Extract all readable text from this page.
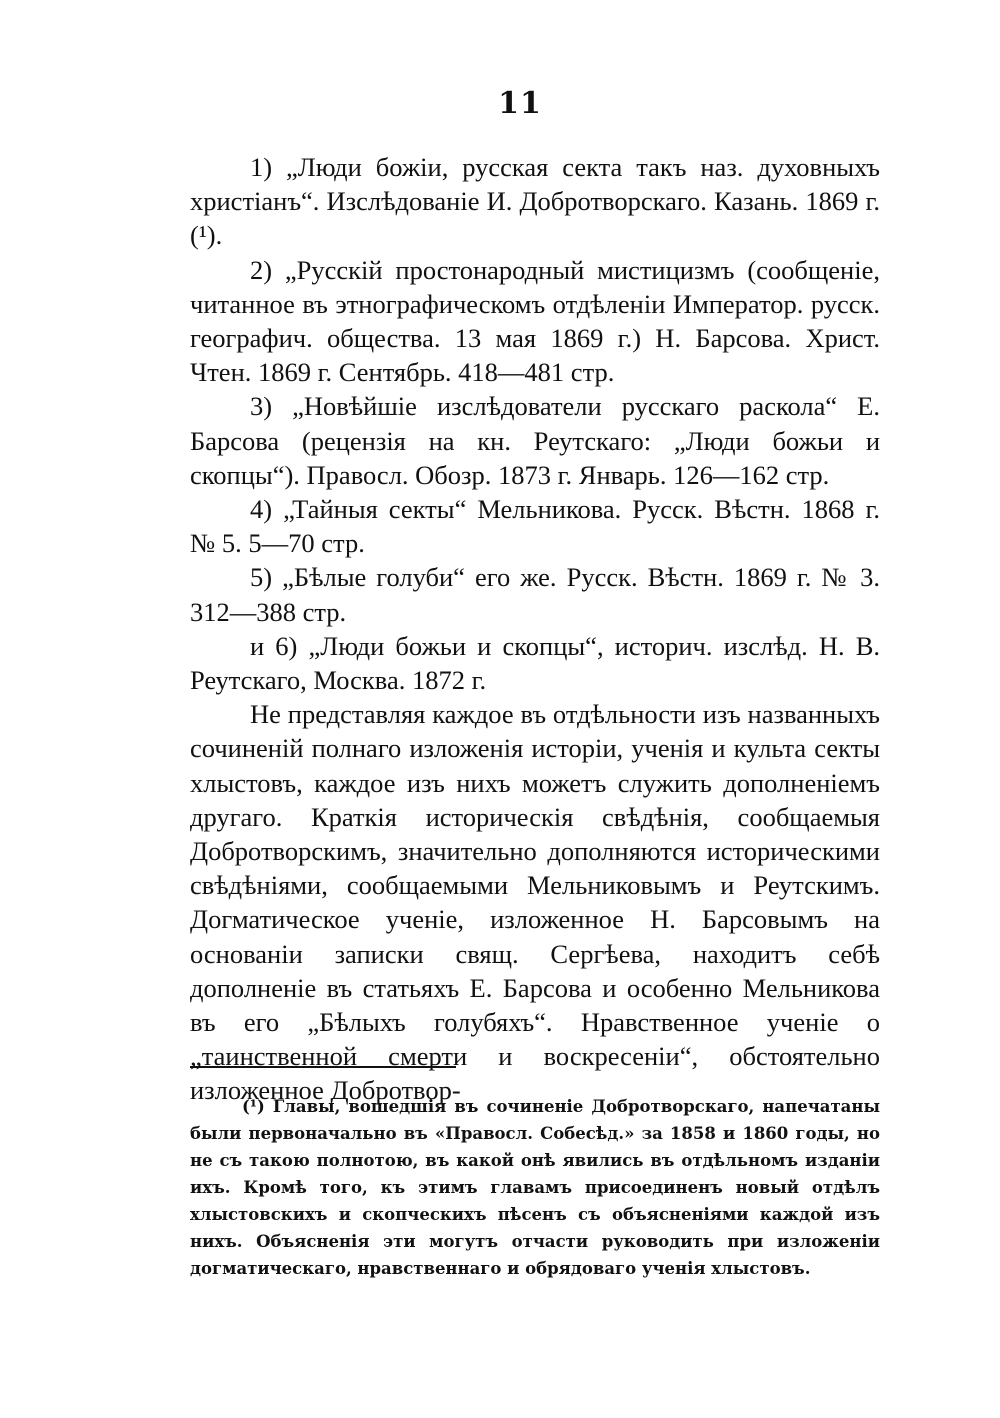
11

1) „Люди божіи, русская секта такъ наз. духовныхъ христіанъ“. Изслѣдованіе И. Добротворскаго. Казань. 1869 г. (¹).

2) „Русскій простонародный мистицизмъ (сообщеніе, читанное въ этнографическомъ отдѣленіи Император. русск. географич. общества. 13 мая 1869 г.) Н. Барсова. Христ. Чтен. 1869 г. Сентябрь. 418—481 стр.

3) „Новѣйшіе изслѣдователи русскаго раскола“ Е. Барсова (рецензія на кн. Реутскаго: „Люди божьи и скопцы“). Правосл. Обозр. 1873 г. Январь. 126—162 стр.

4) „Тайныя секты“ Мельникова. Русск. Вѣстн. 1868 г. № 5. 5—70 стр.

5) „Бѣлые голуби“ его же. Русск. Вѣстн. 1869 г. № 3. 312—388 стр.

и 6) „Люди божьи и скопцы“, историч. изслѣд. Н. В. Реутскаго, Москва. 1872 г.

Не представляя каждое въ отдѣльности изъ названныхъ сочиненій полнаго изложенія исторіи, ученія и культа секты хлыстовъ, каждое изъ нихъ можетъ служить дополненіемъ другаго. Краткія историческія свѣдѣнія, сообщаемыя Добротворскимъ, значительно дополняются историческими свѣдѣніями, сообщаемыми Мельниковымъ и Реутскимъ. Догматическое ученіе, изложенное Н. Барсовымъ на основаніи записки свящ. Сергѣева, находитъ себѣ дополненіе въ статьяхъ Е. Барсова и особенно Мельникова въ его „Бѣлыхъ голубяхъ“. Нравственное ученіе о „таинственной смерти и воскресеніи“, обстоятельно изложенное Добротвор-

(¹) Главы, вошедшія въ сочиненіе Добротворскаго, напечатаны были первоначально въ «Правосл. Собесѣд.» за 1858 и 1860 годы, но не съ такою полнотою, въ какой онѣ явились въ отдѣльномъ изданіи ихъ. Кромѣ того, къ этимъ главамъ присоединенъ новый отдѣлъ хлыстовскихъ и скопческихъ пѣсенъ съ объясненіями каждой изъ нихъ. Объясненія эти могутъ отчасти руководить при изложеніи догматическаго, нравственнаго и обрядоваго ученія хлыстовъ.
